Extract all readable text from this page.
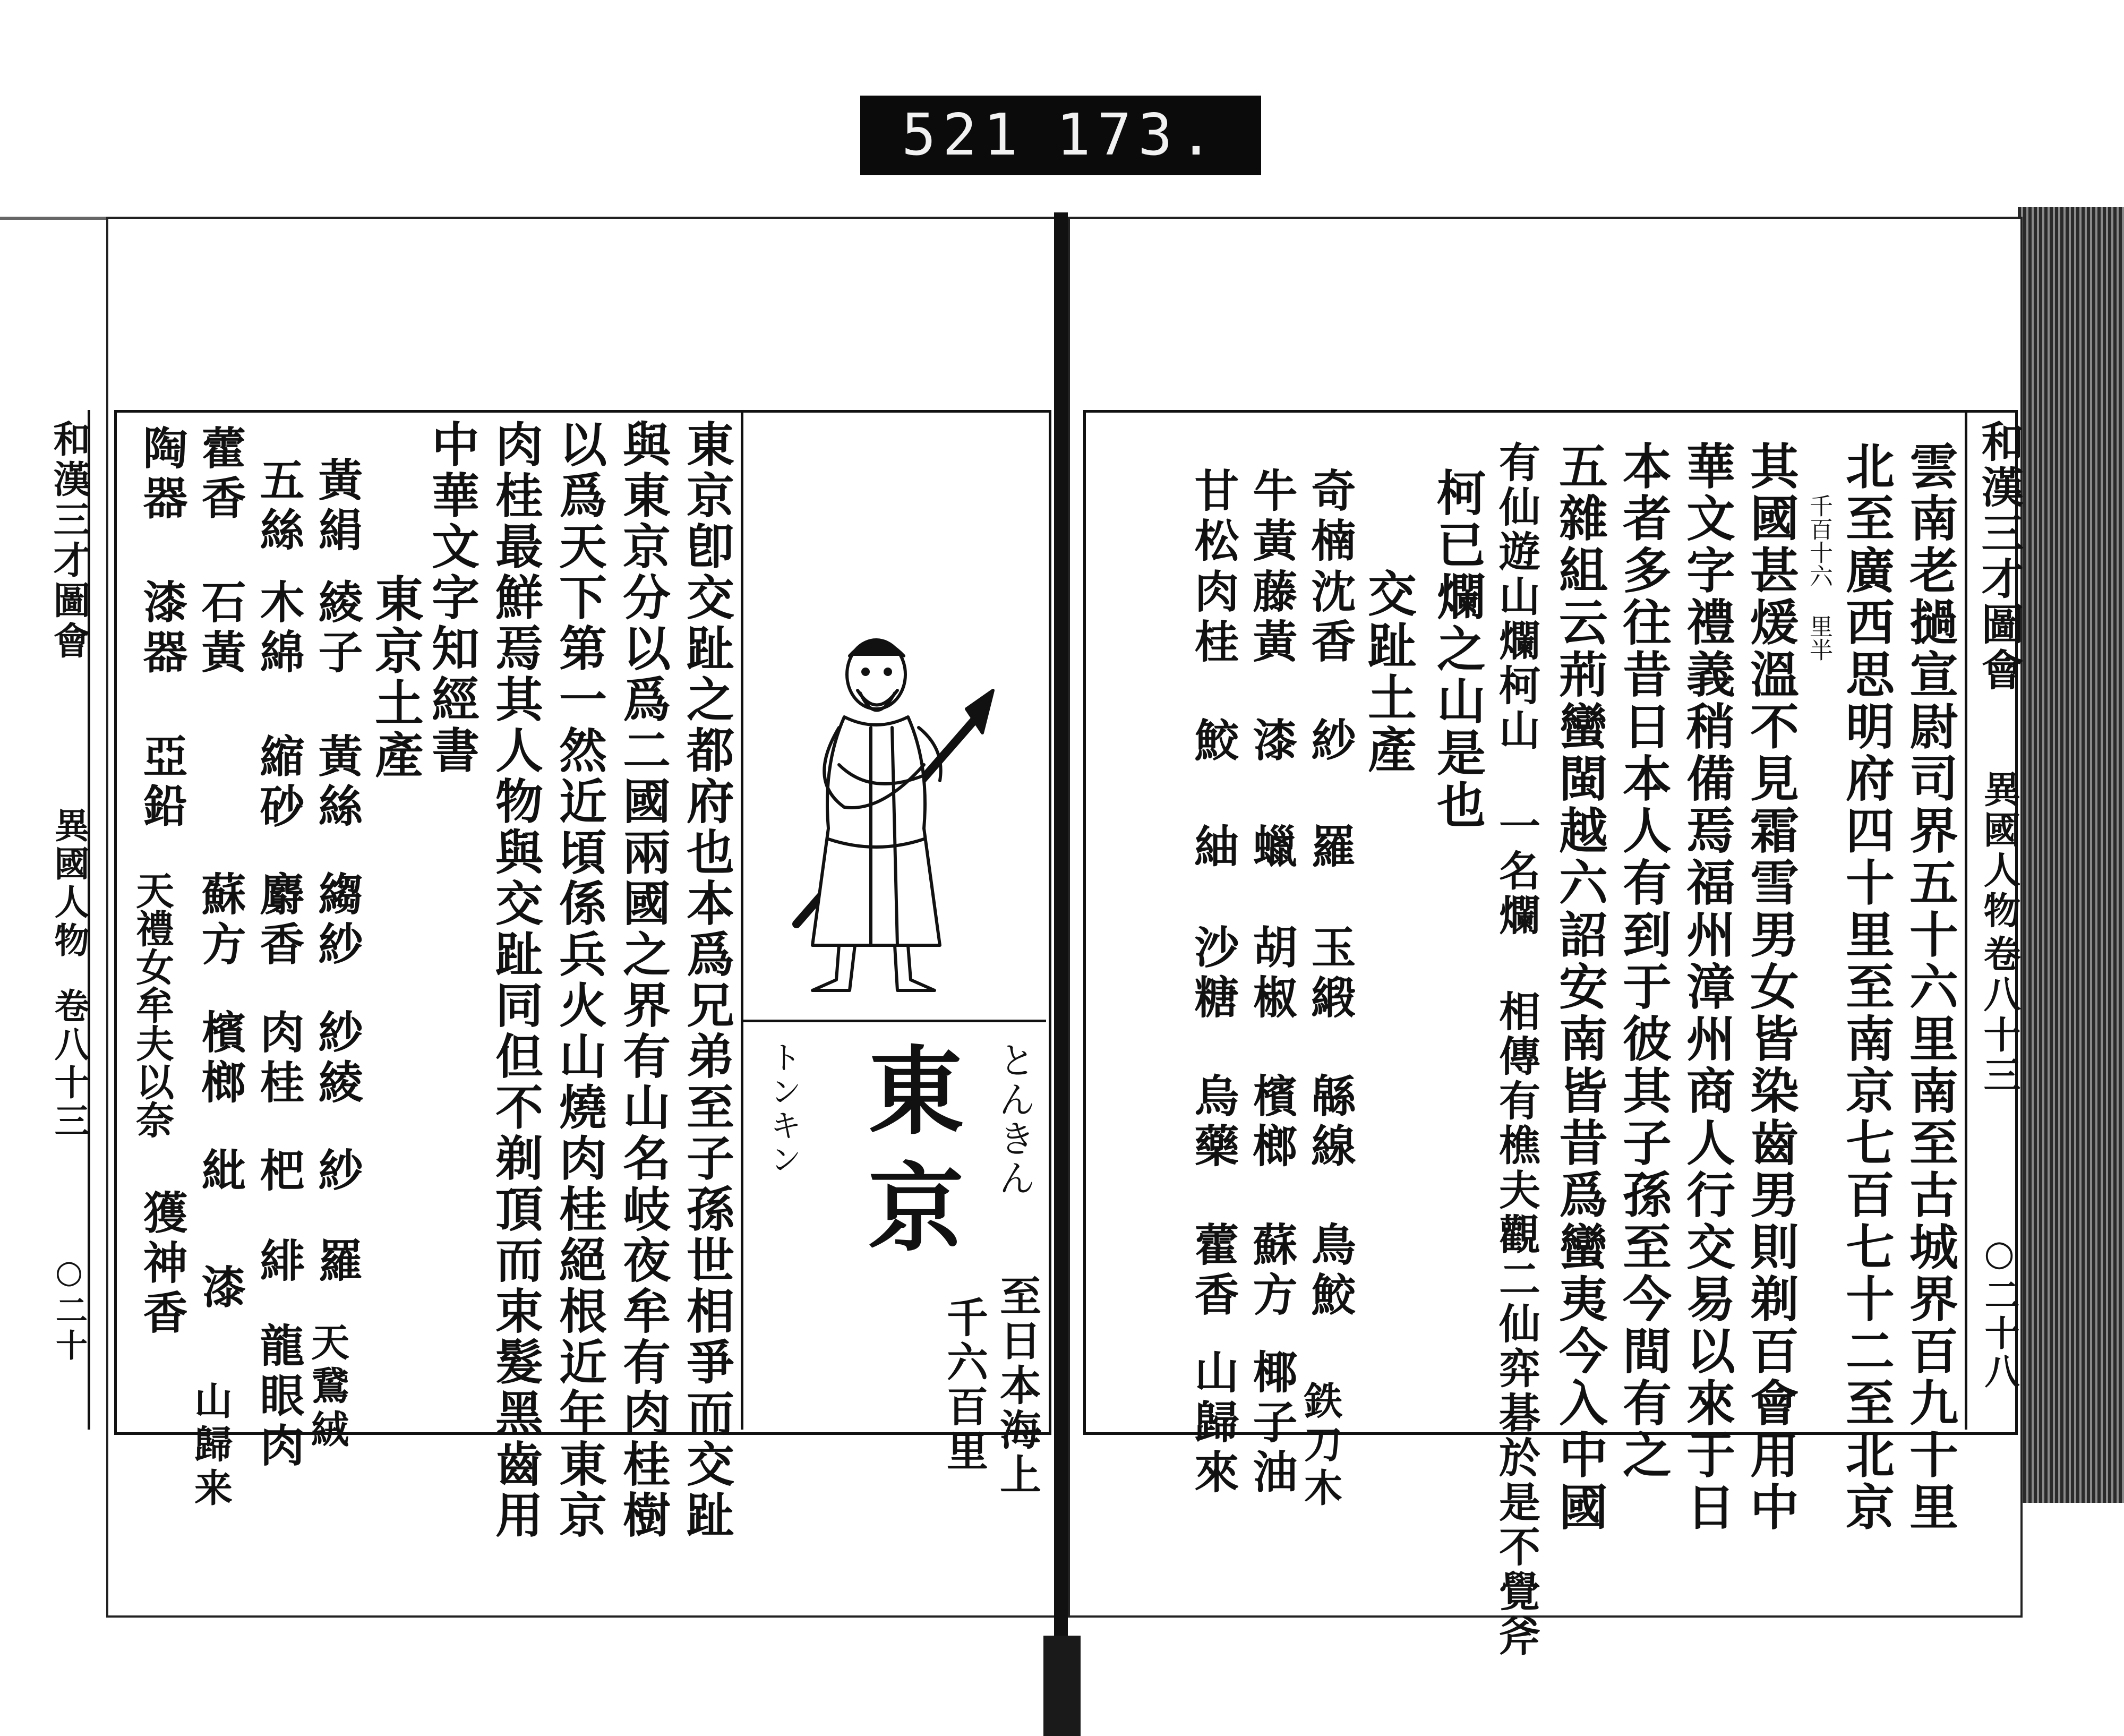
521 173.
和漢三才圖會
異國人物
卷八十三
○二十八
雲南老撾宣尉司界五十六里南至古城界百九十里
北至廣西思明府四十里至南京七百七十二至北京
千百十六 里半
其國甚煖溫不見霜雪男女皆染齒男則剃百會用中
華文字禮義稍備焉福州漳州商人行交易以來于日
本者多往昔日本人有到于彼其子孫至今間有之
五雜組云荊蠻閩越六詔安南皆昔爲蠻夷今入中國
有仙遊山爛柯山 一名爛 相傳有樵夫觀二仙弈碁於是不覺斧
柯已爛之山是也
交趾土產
奇楠
沈香
紗
羅
玉緞
緜線
鳥鮫
鉄刀木
牛黃
藤黃
漆
蠟
胡椒
檳榔
蘇方
椰子油
甘松
肉桂
鮫
紬
沙糖
烏藥
藿香
山歸來
東京 とんきん
トンキン
至日本海上
千六百里
東京卽交趾之都府也本爲兄弟至子孫世相爭而交趾
與東京分以爲二國兩國之界有山名岐夜牟有肉桂樹
以爲天下第一然近頃係兵火山燒肉桂絕根近年東京
肉桂最鮮焉其人物與交趾同但不剃頂而束髮黑齒用
中華文字知經書
東京土產
黃絹
綾子
黃絲
縐紗
紗綾
紗
羅
天鵞絨
五絲
木綿
縮砂
麝香
肉桂
杷
緋
龍眼肉
藿香
石黃
蘇方
檳榔
紕
漆
山歸来
陶器
漆器
亞鉛
天禮女牟夫以奈
獲神香
和漢三才圖會
異國人物
卷八十三
○二十
